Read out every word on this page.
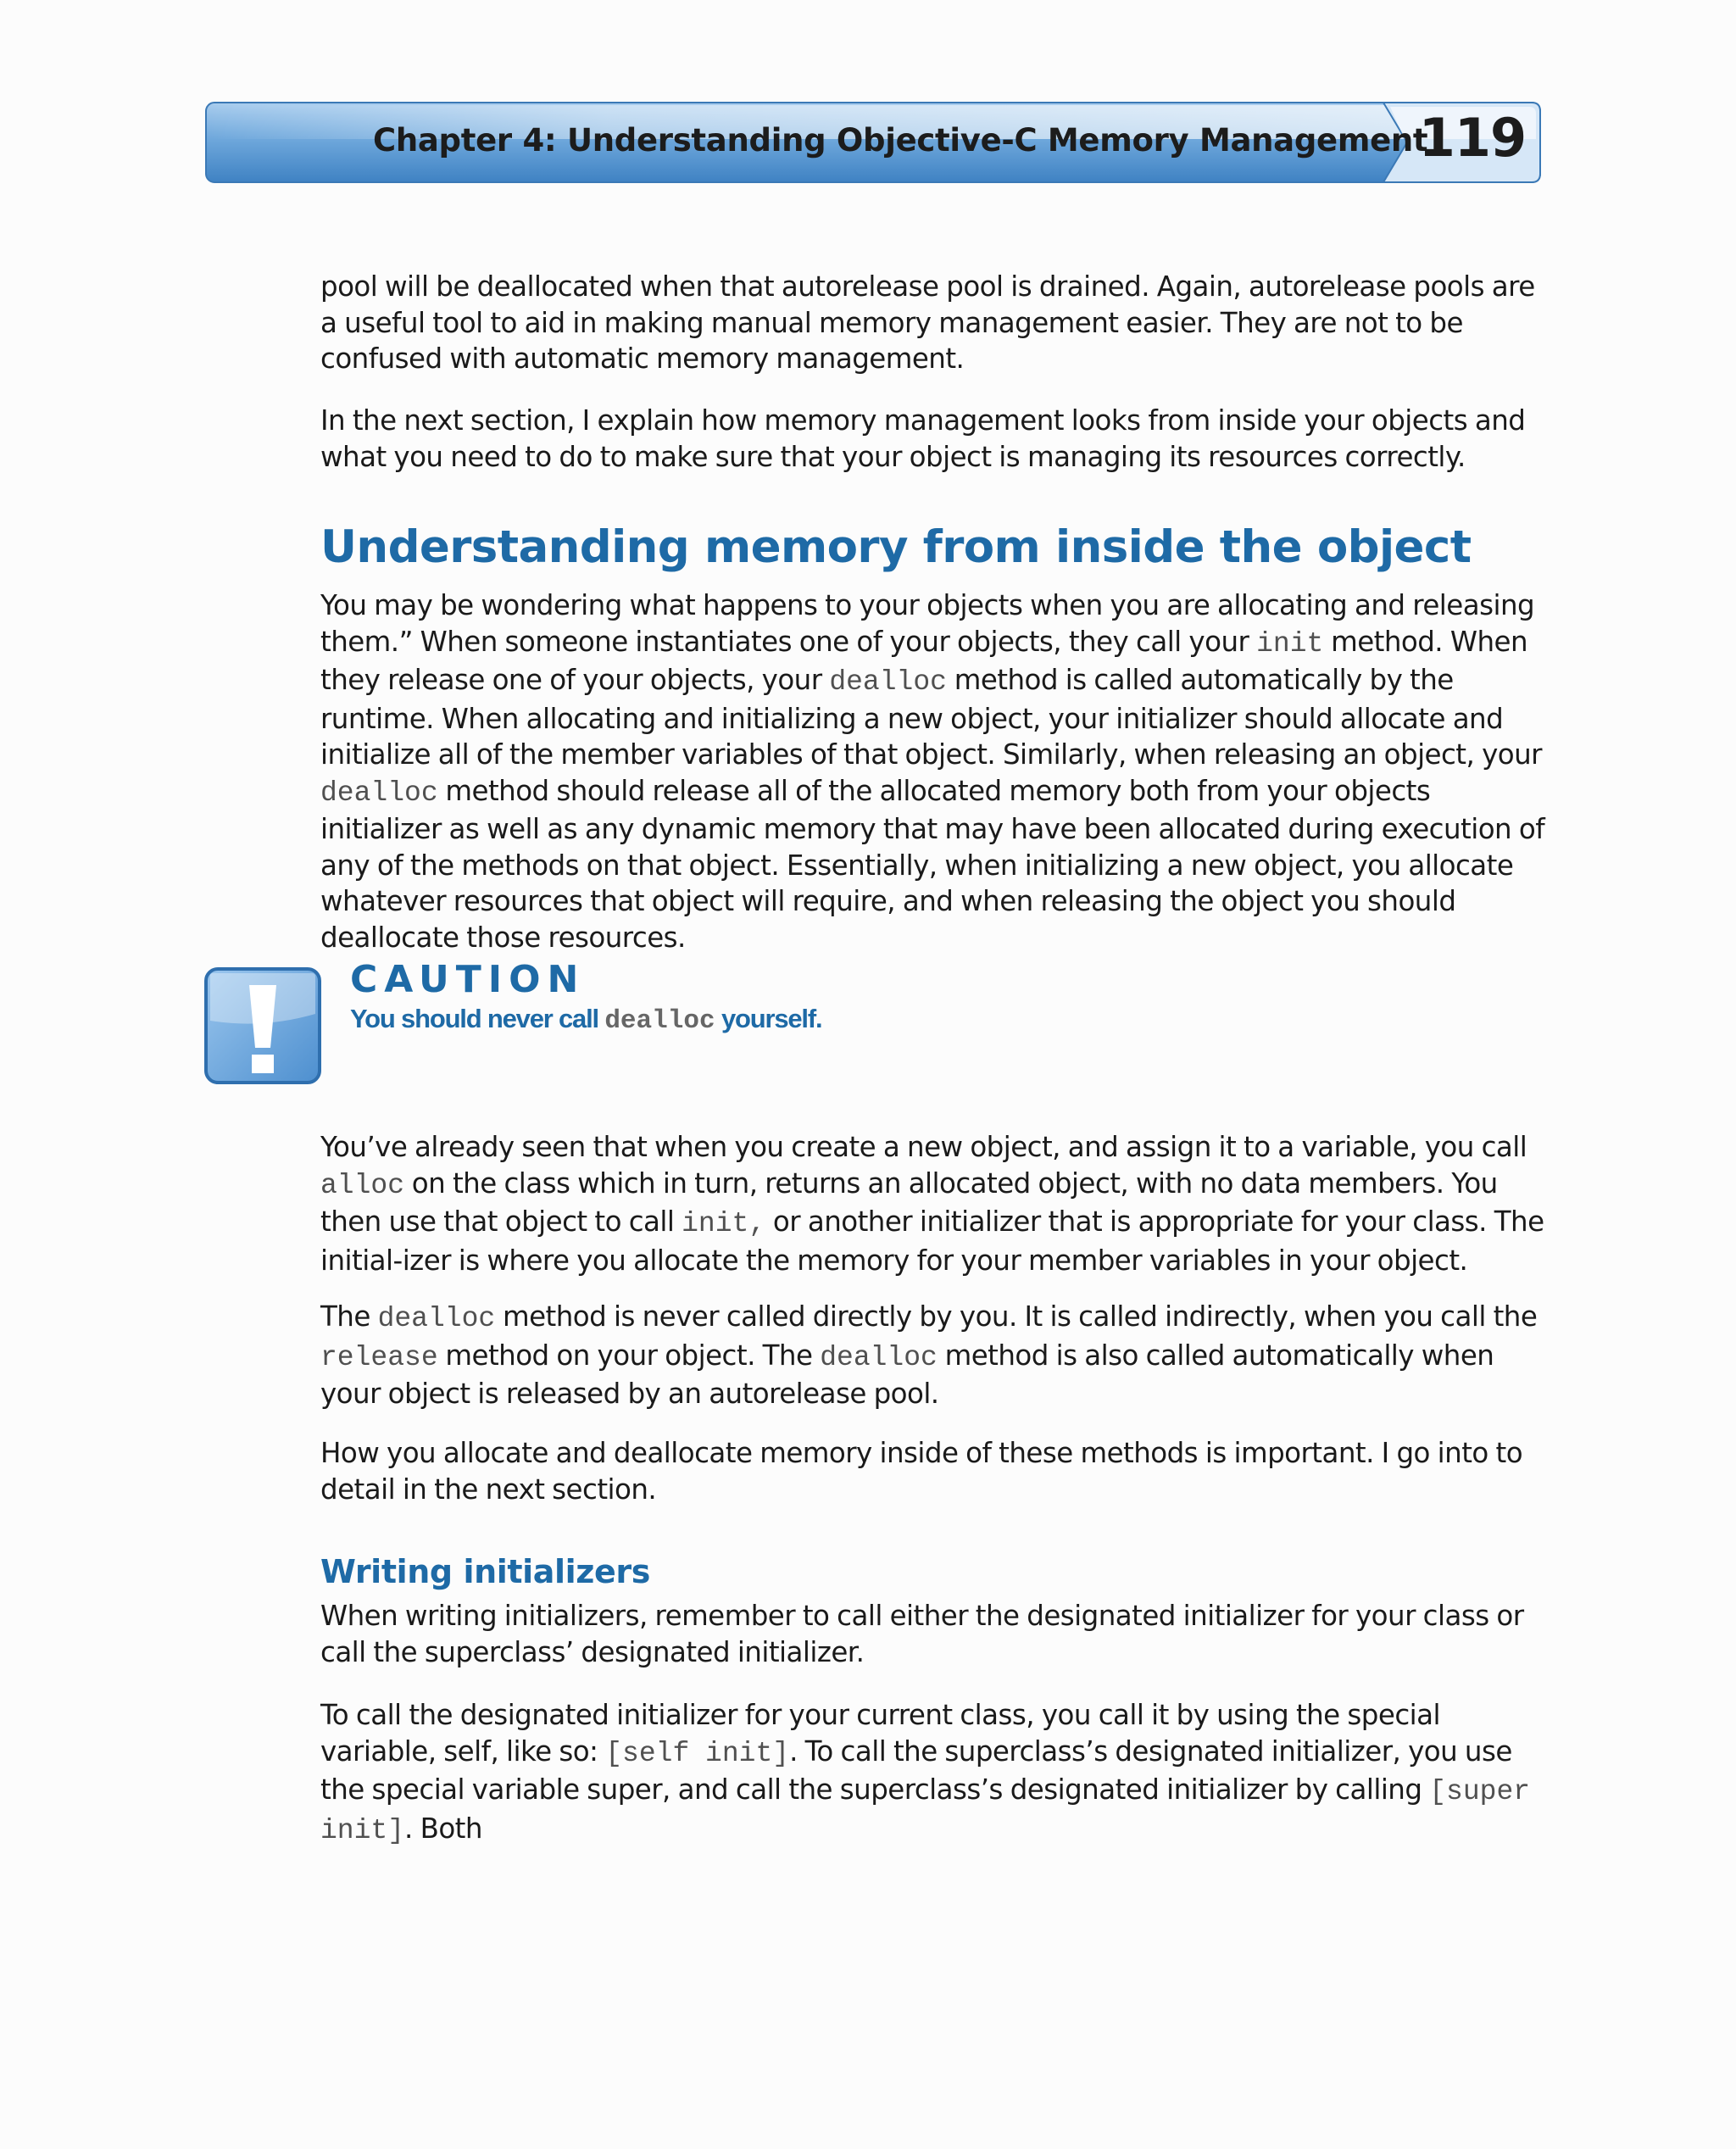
Chapter 4: Understanding Objective-C Memory Management
119

pool will be deallocated when that autorelease pool is drained. Again, autorelease pools are a useful tool to aid in making manual memory management easier. They are not to be confused with automatic memory management.

In the next section, I explain how memory management looks from inside your objects and what you need to do to make sure that your object is managing its resources correctly.

Understanding memory from inside the object

You may be wondering what happens to your objects when you are allocating and releasing them.” When someone instantiates one of your objects, they call your init method. When they release one of your objects, your dealloc method is called automatically by the runtime. When allocating and initializing a new object, your initializer should allocate and initialize all of the member variables of that object. Similarly, when releasing an object, your dealloc method should release all of the allocated memory both from your objects initializer as well as any dynamic memory that may have been allocated during execution of any of the methods on that object. Essentially, when initializing a new object, you allocate whatever resources that object will require, and when releasing the object you should deallocate those resources.

CAUTION
You should never call dealloc yourself.

You’ve already seen that when you create a new object, and assign it to a variable, you call alloc on the class which in turn, returns an allocated object, with no data members. You then use that object to call init, or another initializer that is appropriate for your class. The initial-izer is where you allocate the memory for your member variables in your object.

The dealloc method is never called directly by you. It is called indirectly, when you call the release method on your object. The dealloc method is also called automatically when your object is released by an autorelease pool.

How you allocate and deallocate memory inside of these methods is important. I go into to detail in the next section.

Writing initializers

When writing initializers, remember to call either the designated initializer for your class or call the superclass’ designated initializer.

To call the designated initializer for your current class, you call it by using the special variable, self, like so: [self init]. To call the superclass’s designated initializer, you use the special variable super, and call the superclass’s designated initializer by calling [super init]. Both
